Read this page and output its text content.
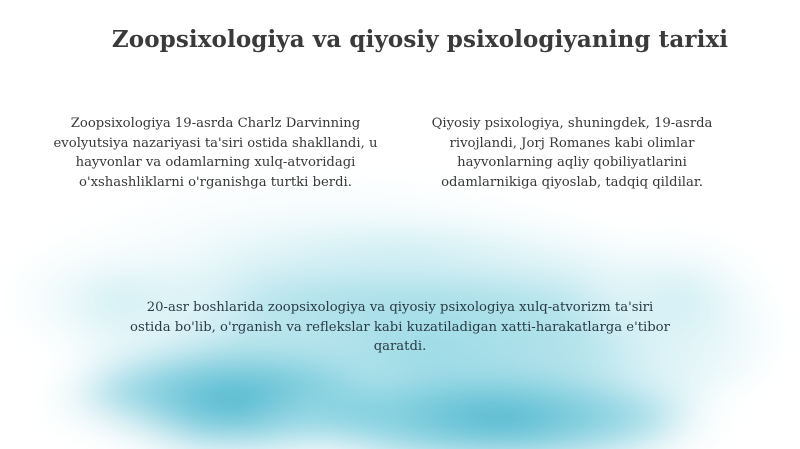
Zoopsixologiya va qiyosiy psixologiyaning tarixi
Zoopsixologiya 19-asrda Charlz Darvinning evolyutsiya nazariyasi ta'siri ostida shakllandi, u hayvonlar va odamlarning xulq-atvoridagi o'xshashliklarni o'rganishga turtki berdi.
Qiyosiy psixologiya, shuningdek, 19-asrda rivojlandi, Jorj Romanes kabi olimlar hayvonlarning aqliy qobiliyatlarini odamlarnikiga qiyoslab, tadqiq qildilar.
20-asr boshlarida zoopsixologiya va qiyosiy psixologiya xulq-atvorizm ta'siri ostida bo'lib, o'rganish va reflekslar kabi kuzatiladigan xatti-harakatlarga e'tibor qaratdi.
